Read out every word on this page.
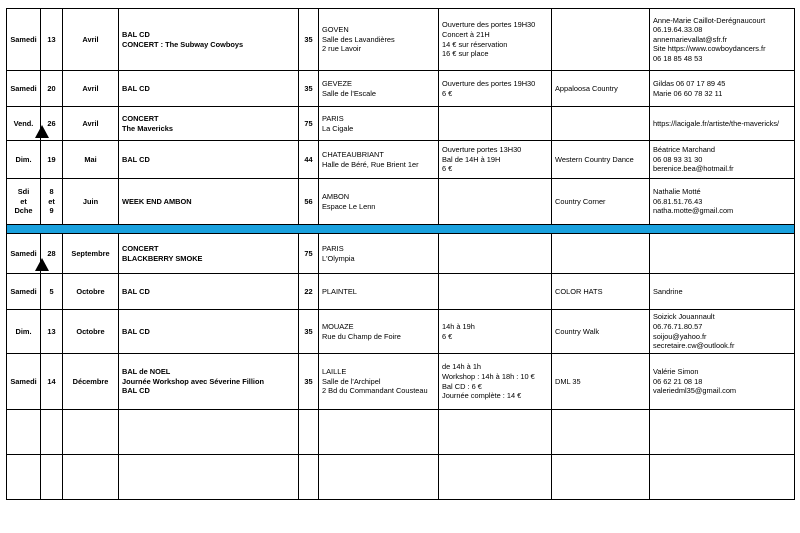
Samedi	13	Avril	BAL CD
CONCERT : The Subway Cowboys	35	GOVEN
Salle des Lavandières
2 rue Lavoir	Ouverture des portes 19H30
Concert à 21H
14 € sur réservation
16 € sur place		Anne-Marie Caillot-Derégnaucourt
06.19.64.33.08
annemarievallat@sfr.fr
Site https://www.cowboydancers.fr
06 18 85 48 53

Samedi	20	Avril	BAL CD	35	GEVEZE
Salle de l'Escale	Ouverture des portes 19H30
6 €	Appaloosa Country	Gildas 06 07 17 89 45
Marie 06 60 78 32 11

Vend.	26	Avril	CONCERT
The Mavericks	75	PARIS
La Cigale			https://lacigale.fr/artiste/the-mavericks/

Dim.	19	Mai	BAL CD	44	CHATEAUBRIANT
Halle de Béré, Rue Brient 1er	Ouverture portes 13H30
Bal de 14H à 19H
6 €	Western Country Dance	Béatrice Marchand
06 08 93 31 30
berenice.bea@hotmail.fr

Sdi
et
Dche	8
et
9	Juin	WEEK END AMBON	56	AMBON
Espace Le Lenn		Country Corner	Nathalie Motté
06.81.51.76.43
natha.motte@gmail.com

Samedi	28	Septembre	CONCERT
BLACKBERRY SMOKE	75	PARIS
L'Olympia			

Samedi	5	Octobre	BAL CD	22	PLAINTEL		COLOR HATS	Sandrine

Dim.	13	Octobre	BAL CD	35	MOUAZE
Rue du Champ de Foire	14h à 19h
6 €	Country Walk	Soizick Jouannault
06.76.71.80.57
soijou@yahoo.fr
secretaire.cw@outlook.fr

Samedi	14	Décembre	BAL de NOEL
Journée Workshop avec Séverine Fillion
BAL CD	35	LAILLE
Salle de l'Archipel
2 Bd du Commandant Cousteau	de 14h à 1h
Workshop : 14h à 18h : 10 €
Bal CD : 6 €
Journée complète : 14 €	DML 35	Valérie Simon
06 62 21 08 18
valeriedml35@gmail.com
